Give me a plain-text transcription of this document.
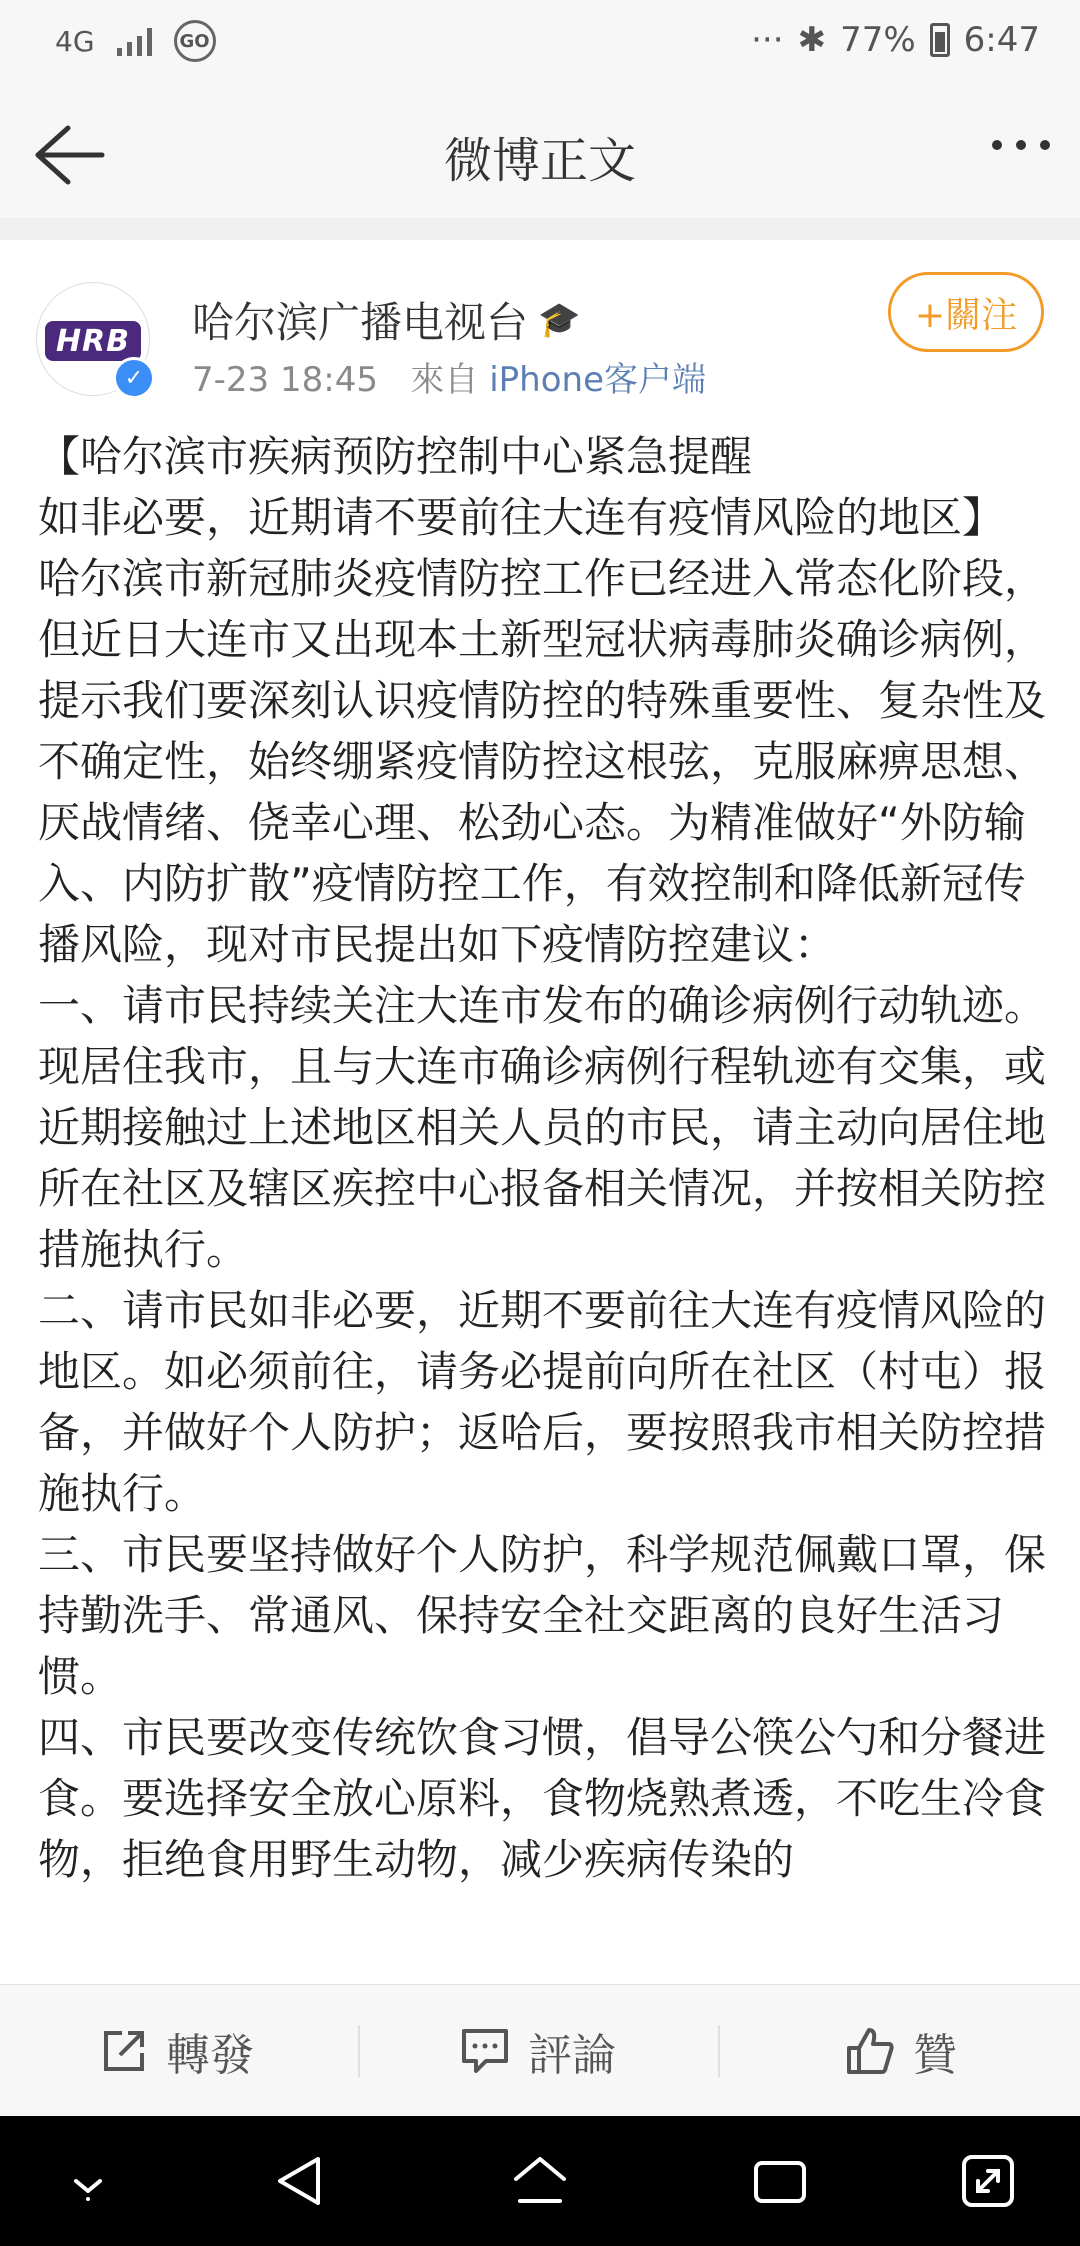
4G	GO	··· ✱ 77% 6:47
微博正文
HRB
✓
哈尔滨广播电视台 🎓
7-23 18:45 來自 iPhone客户端
+關注

【哈尔滨市疾病预防控制中心紧急提醒

如非必要，近期请不要前往大连有疫情风险的地区】

哈尔滨市新冠肺炎疫情防控工作已经进入常态化阶段，但近日大连市又出现本土新型冠状病毒肺炎确诊病例，提示我们要深刻认识疫情防控的特殊重要性、复杂性及不确定性，始终绷紧疫情防控这根弦，克服麻痹思想、厌战情绪、侥幸心理、松劲心态。为精准做好“外防输入、内防扩散”疫情防控工作，有效控制和降低新冠传播风险，现对市民提出如下疫情防控建议：

一、请市民持续关注大连市发布的确诊病例行动轨迹。现居住我市，且与大连市确诊病例行程轨迹有交集，或近期接触过上述地区相关人员的市民，请主动向居住地所在社区及辖区疾控中心报备相关情况，并按相关防控措施执行。

二、请市民如非必要，近期不要前往大连有疫情风险的地区。如必须前往，请务必提前向所在社区（村屯）报备，并做好个人防护；返哈后，要按照我市相关防控措施执行。

三、市民要坚持做好个人防护，科学规范佩戴口罩，保持勤洗手、常通风、保持安全社交距离的良好生活习惯。

四、市民要改变传统饮食习惯，倡导公筷公勺和分餐进食。要选择安全放心原料，食物烧熟煮透，不吃生冷食物，拒绝食用野生动物，减少疾病传染的

轉發	評論	贊
